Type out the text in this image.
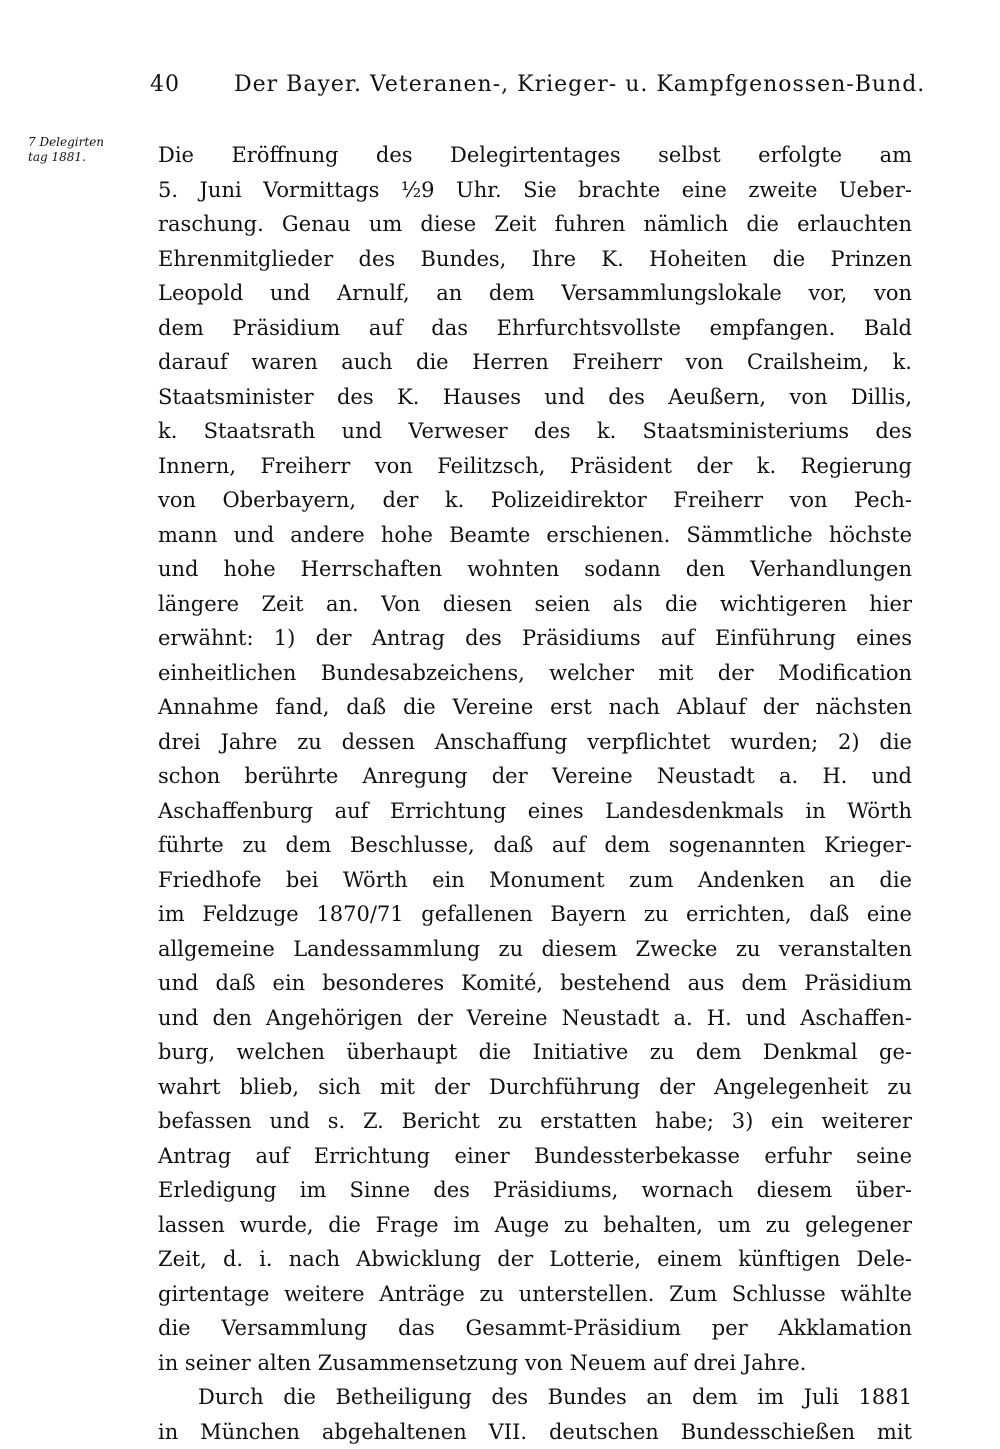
40 Der Bayer. Veteranen-, Krieger- u. Kampfgenossen-Bund.
7 Delegirten
tag 1881.	Die Eröffnung des Delegirtentages selbst erfolgte am
5. Juni Vormittags ½9 Uhr. Sie brachte eine zweite Ueber-
raschung. Genau um diese Zeit fuhren nämlich die erlauchten
Ehrenmitglieder des Bundes, Ihre K. Hoheiten die Prinzen
Leopold und Arnulf, an dem Versammlungslokale vor, von
dem Präsidium auf das Ehrfurchtsvollste empfangen. Bald
darauf waren auch die Herren Freiherr von Crailsheim, k.
Staatsminister des K. Hauses und des Aeußern, von Dillis,
k. Staatsrath und Verweser des k. Staatsministeriums des
Innern, Freiherr von Feilitzsch, Präsident der k. Regierung
von Oberbayern, der k. Polizeidirektor Freiherr von Pech-
mann und andere hohe Beamte erschienen. Sämmtliche höchste
und hohe Herrschaften wohnten sodann den Verhandlungen
längere Zeit an. Von diesen seien als die wichtigeren hier
erwähnt: 1) der Antrag des Präsidiums auf Einführung eines
einheitlichen Bundesabzeichens, welcher mit der Modification
Annahme fand, daß die Vereine erst nach Ablauf der nächsten
drei Jahre zu dessen Anschaffung verpflichtet wurden; 2) die
schon berührte Anregung der Vereine Neustadt a. H. und
Aschaffenburg auf Errichtung eines Landesdenkmals in Wörth
führte zu dem Beschlusse, daß auf dem sogenannten Krieger-
Friedhofe bei Wörth ein Monument zum Andenken an die
im Feldzuge 1870/71 gefallenen Bayern zu errichten, daß eine
allgemeine Landessammlung zu diesem Zwecke zu veranstalten
und daß ein besonderes Komité, bestehend aus dem Präsidium
und den Angehörigen der Vereine Neustadt a. H. und Aschaffen-
burg, welchen überhaupt die Initiative zu dem Denkmal ge-
wahrt blieb, sich mit der Durchführung der Angelegenheit zu
befassen und s. Z. Bericht zu erstatten habe; 3) ein weiterer
Antrag auf Errichtung einer Bundessterbekasse erfuhr seine
Erledigung im Sinne des Präsidiums, wornach diesem über-
lassen wurde, die Frage im Auge zu behalten, um zu gelegener
Zeit, d. i. nach Abwicklung der Lotterie, einem künftigen Dele-
girtentage weitere Anträge zu unterstellen. Zum Schlusse wählte
die Versammlung das Gesammt-Präsidium per Akklamation
in seiner alten Zusammensetzung von Neuem auf drei Jahre.
Durch die Betheiligung des Bundes an dem im Juli 1881
in München abgehaltenen VII. deutschen Bundesschießen mit
